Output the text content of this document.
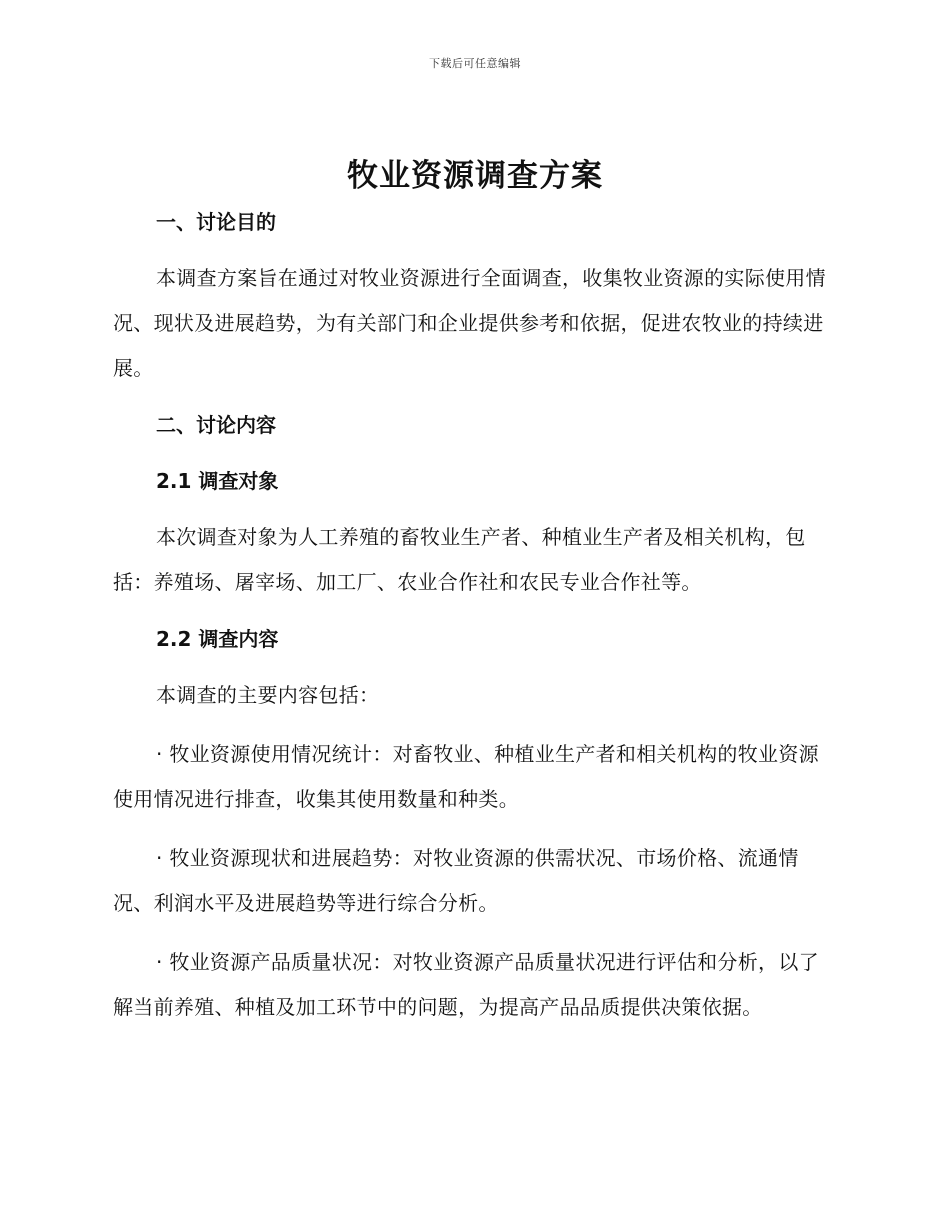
下载后可任意编辑
牧业资源调查方案
一、讨论目的

本调查方案旨在通过对牧业资源进行全面调查，收集牧业资源的实际使用情况、现状及进展趋势，为有关部门和企业提供参考和依据，促进农牧业的持续进展。

二、讨论内容
2.1 调查对象

本次调查对象为人工养殖的畜牧业生产者、种植业生产者及相关机构，包括：养殖场、屠宰场、加工厂、农业合作社和农民专业合作社等。

2.2 调查内容

本调查的主要内容包括：

· 牧业资源使用情况统计：对畜牧业、种植业生产者和相关机构的牧业资源使用情况进行排查，收集其使用数量和种类。

· 牧业资源现状和进展趋势：对牧业资源的供需状况、市场价格、流通情况、利润水平及进展趋势等进行综合分析。

· 牧业资源产品质量状况：对牧业资源产品质量状况进行评估和分析，以了解当前养殖、种植及加工环节中的问题，为提高产品品质提供决策依据。
